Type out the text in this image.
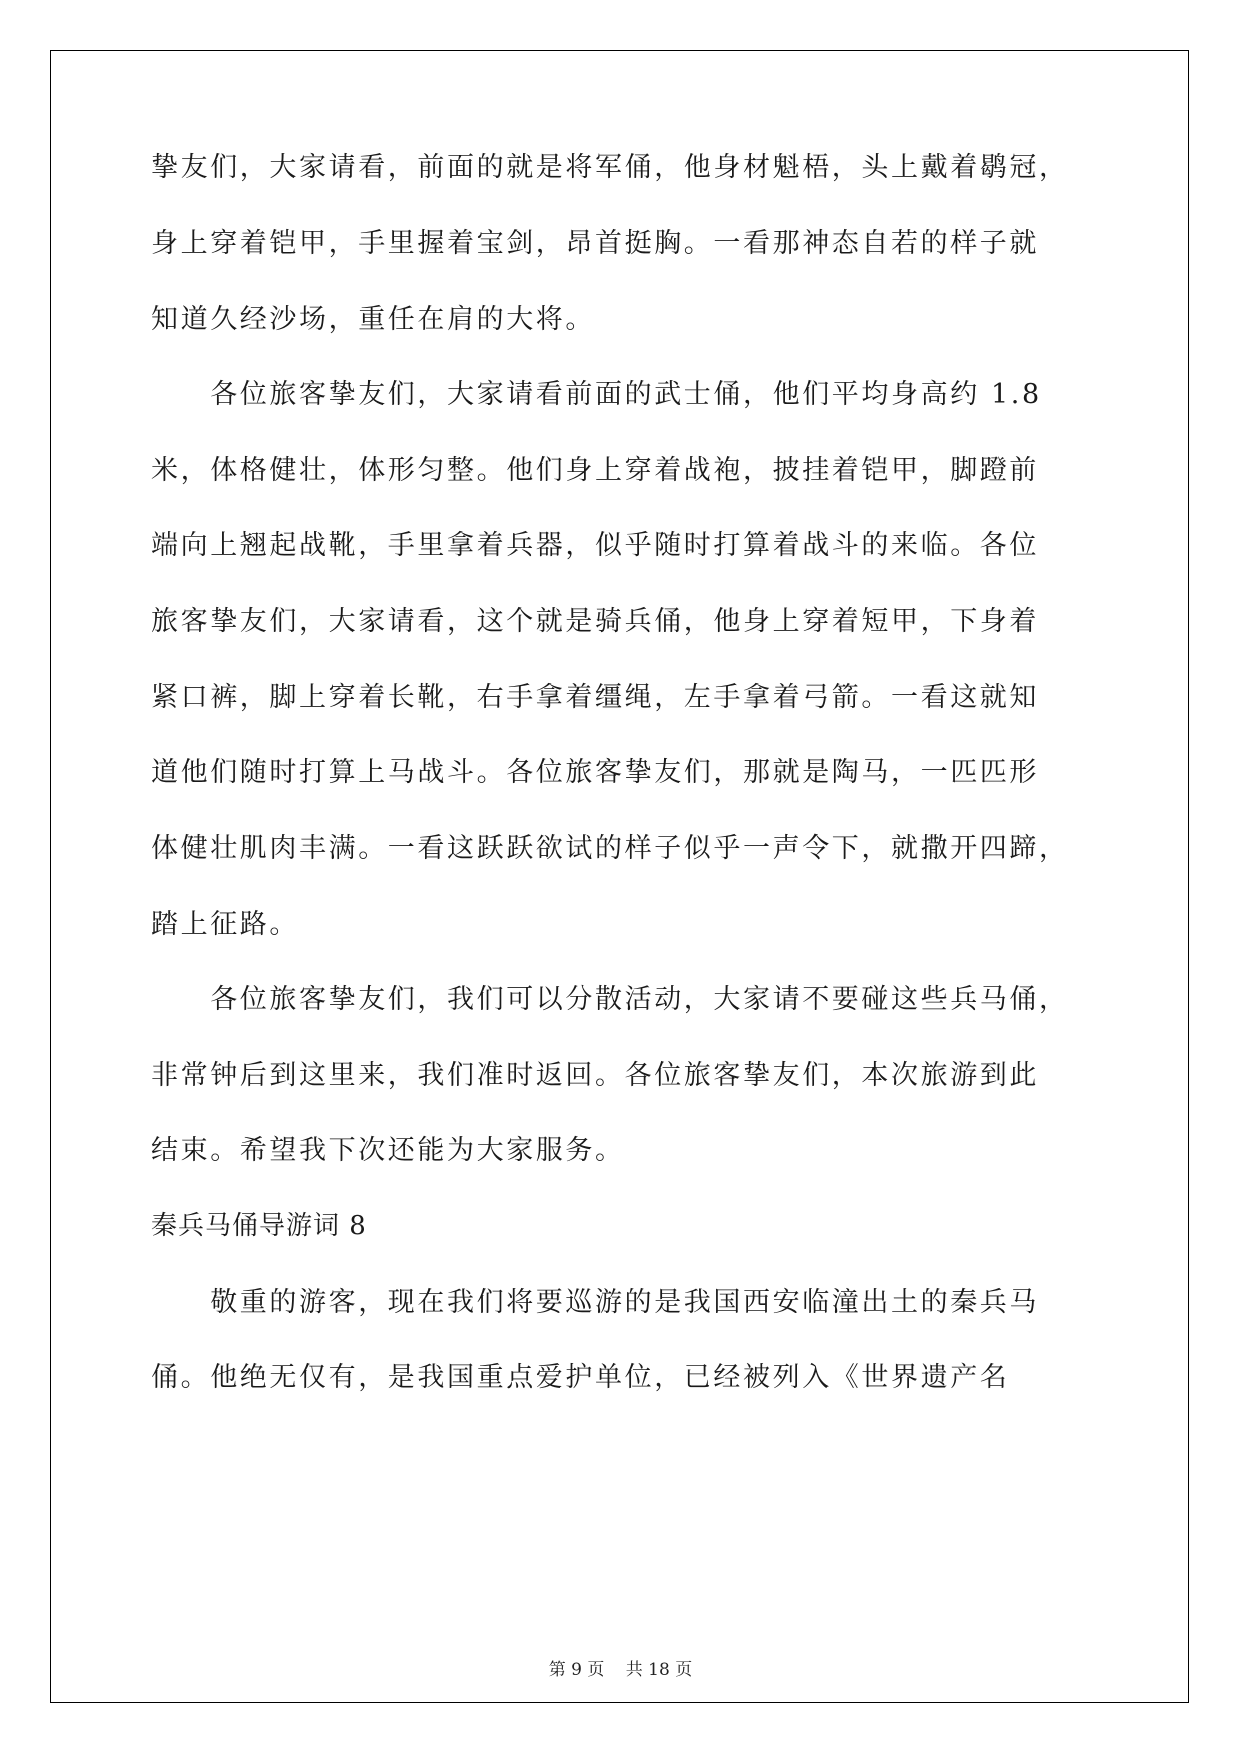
挚友们，大家请看，前面的就是将军俑，他身材魁梧，头上戴着鹖冠，
身上穿着铠甲，手里握着宝剑，昂首挺胸。一看那神态自若的样子就
知道久经沙场，重任在肩的大将。
　　各位旅客挚友们，大家请看前面的武士俑，他们平均身高约 1.8
米，体格健壮，体形匀整。他们身上穿着战袍，披挂着铠甲，脚蹬前
端向上翘起战靴，手里拿着兵器，似乎随时打算着战斗的来临。各位
旅客挚友们，大家请看，这个就是骑兵俑，他身上穿着短甲，下身着
紧口裤，脚上穿着长靴，右手拿着缰绳，左手拿着弓箭。一看这就知
道他们随时打算上马战斗。各位旅客挚友们，那就是陶马，一匹匹形
体健壮肌肉丰满。一看这跃跃欲试的样子似乎一声令下，就撒开四蹄，
踏上征路。
　　各位旅客挚友们，我们可以分散活动，大家请不要碰这些兵马俑，
非常钟后到这里来，我们准时返回。各位旅客挚友们，本次旅游到此
结束。希望我下次还能为大家服务。
秦兵马俑导游词 8
　　敬重的游客，现在我们将要巡游的是我国西安临潼出土的秦兵马
俑。他绝无仅有，是我国重点爱护单位，已经被列入《世界遗产名
第 9 页 共 18 页
